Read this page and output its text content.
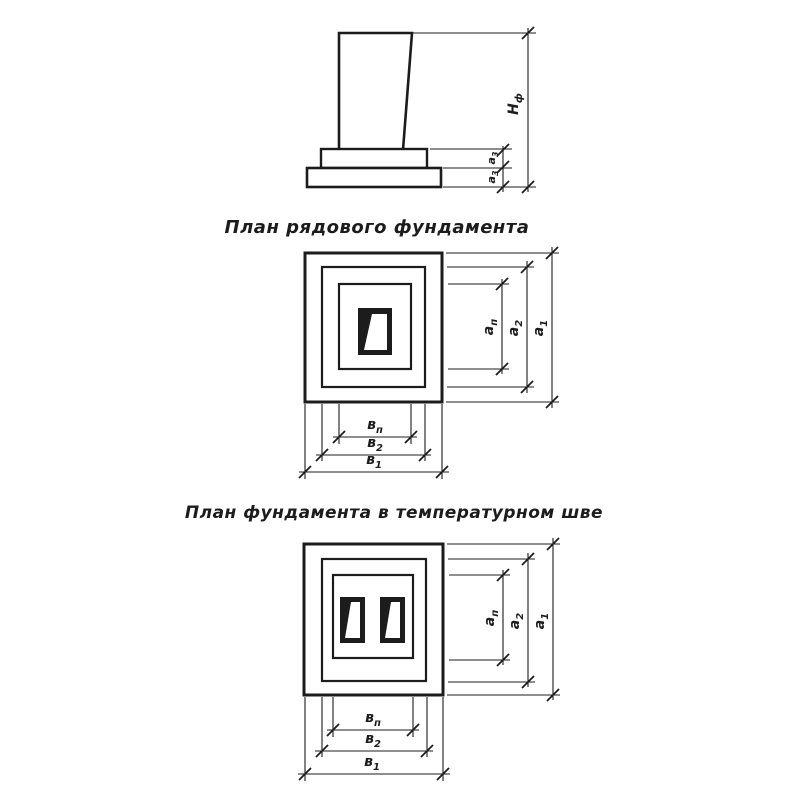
$Н_ф$
$а_3$
$а_3$
План рядового фундамента
$а_п$
$а_2$
$а_1$
$в_п$
$в_2$
$в_1$
План фундамента в температурном шве
$а_п$
$а_2$
$а_1$
$в_п$
$в_2$
$в_1$
